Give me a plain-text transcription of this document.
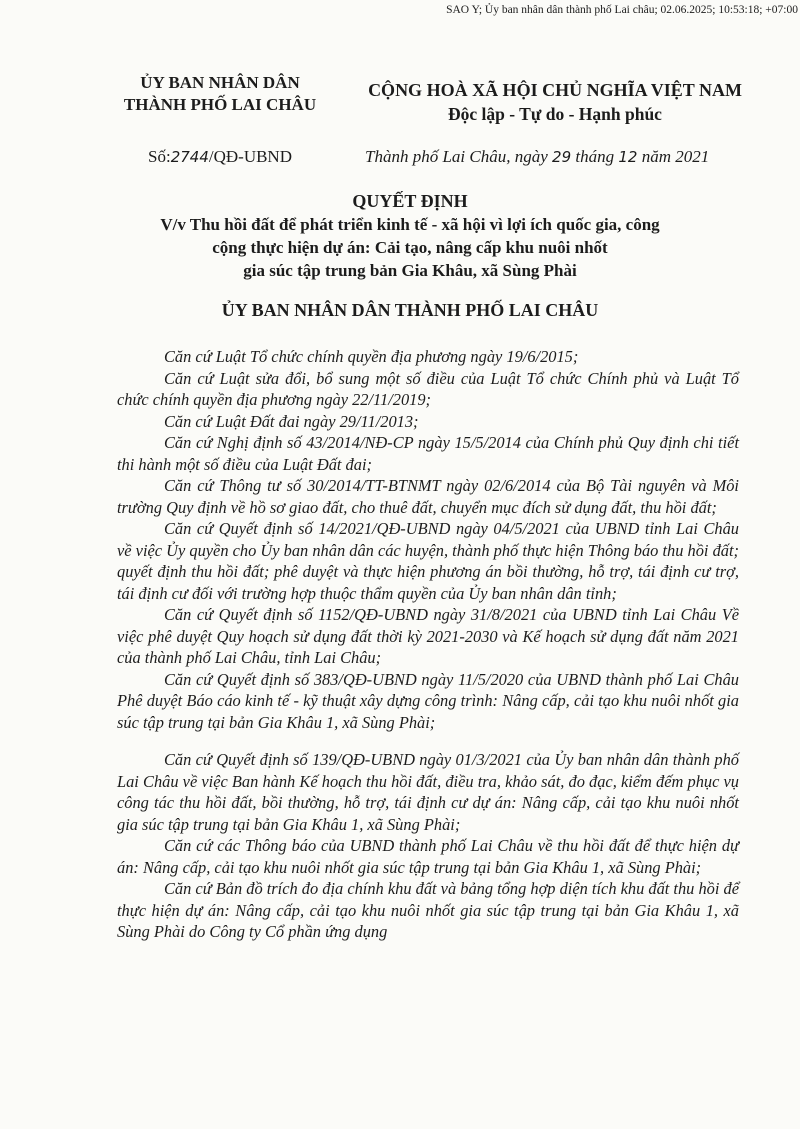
SAO Y; Ủy ban nhân dân thành phố Lai châu; 02.06.2025; 10:53:18; +07:00
ỦY BAN NHÂN DÂN
THÀNH PHỐ LAI CHÂU
CỘNG HOÀ XÃ HỘI CHỦ NGHĨA VIỆT NAM
Độc lập - Tự do - Hạnh phúc
Số:2744/QĐ-UBND	Thành phố Lai Châu, ngày 29 tháng 12 năm 2021
QUYẾT ĐỊNH
V/v Thu hồi đất để phát triển kinh tế - xã hội vì lợi ích quốc gia, công
cộng thực hiện dự án: Cải tạo, nâng cấp khu nuôi nhốt
gia súc tập trung bản Gia Khâu, xã Sùng Phài
ỦY BAN NHÂN DÂN THÀNH PHỐ LAI CHÂU

Căn cứ Luật Tổ chức chính quyền địa phương ngày 19/6/2015;

Căn cứ Luật sửa đổi, bổ sung một số điều của Luật Tổ chức Chính phủ và Luật Tổ chức chính quyền địa phương ngày 22/11/2019;

Căn cứ Luật Đất đai ngày 29/11/2013;

Căn cứ Nghị định số 43/2014/NĐ-CP ngày 15/5/2014 của Chính phủ Quy định chi tiết thi hành một số điều của Luật Đất đai;

Căn cứ Thông tư số 30/2014/TT-BTNMT ngày 02/6/2014 của Bộ Tài nguyên và Môi trường Quy định về hồ sơ giao đất, cho thuê đất, chuyển mục đích sử dụng đất, thu hồi đất;

Căn cứ Quyết định số 14/2021/QĐ-UBND ngày 04/5/2021 của UBND tỉnh Lai Châu về việc Ủy quyền cho Ủy ban nhân dân các huyện, thành phố thực hiện Thông báo thu hồi đất; quyết định thu hồi đất; phê duyệt và thực hiện phương án bồi thường, hỗ trợ, tái định cư trợ, tái định cư đối với trường hợp thuộc thẩm quyền của Ủy ban nhân dân tỉnh;

Căn cứ Quyết định số 1152/QĐ-UBND ngày 31/8/2021 của UBND tỉnh Lai Châu Về việc phê duyệt Quy hoạch sử dụng đất thời kỳ 2021-2030 và Kế hoạch sử dụng đất năm 2021 của thành phố Lai Châu, tỉnh Lai Châu;

Căn cứ Quyết định số 383/QĐ-UBND ngày 11/5/2020 của UBND thành phố Lai Châu Phê duyệt Báo cáo kinh tế - kỹ thuật xây dựng công trình: Nâng cấp, cải tạo khu nuôi nhốt gia súc tập trung tại bản Gia Khâu 1, xã Sùng Phài;

Căn cứ Quyết định số 139/QĐ-UBND ngày 01/3/2021 của Ủy ban nhân dân thành phố Lai Châu về việc Ban hành Kế hoạch thu hồi đất, điều tra, khảo sát, đo đạc, kiểm đếm phục vụ công tác thu hồi đất, bồi thường, hỗ trợ, tái định cư dự án: Nâng cấp, cải tạo khu nuôi nhốt gia súc tập trung tại bản Gia Khâu 1, xã Sùng Phài;

Căn cứ các Thông báo của UBND thành phố Lai Châu về thu hồi đất để thực hiện dự án: Nâng cấp, cải tạo khu nuôi nhốt gia súc tập trung tại bản Gia Khâu 1, xã Sùng Phài;

Căn cứ Bản đồ trích đo địa chính khu đất và bảng tổng hợp diện tích khu đất thu hồi để thực hiện dự án: Nâng cấp, cải tạo khu nuôi nhốt gia súc tập trung tại bản Gia Khâu 1, xã Sùng Phài do Công ty Cổ phần ứng dụng
